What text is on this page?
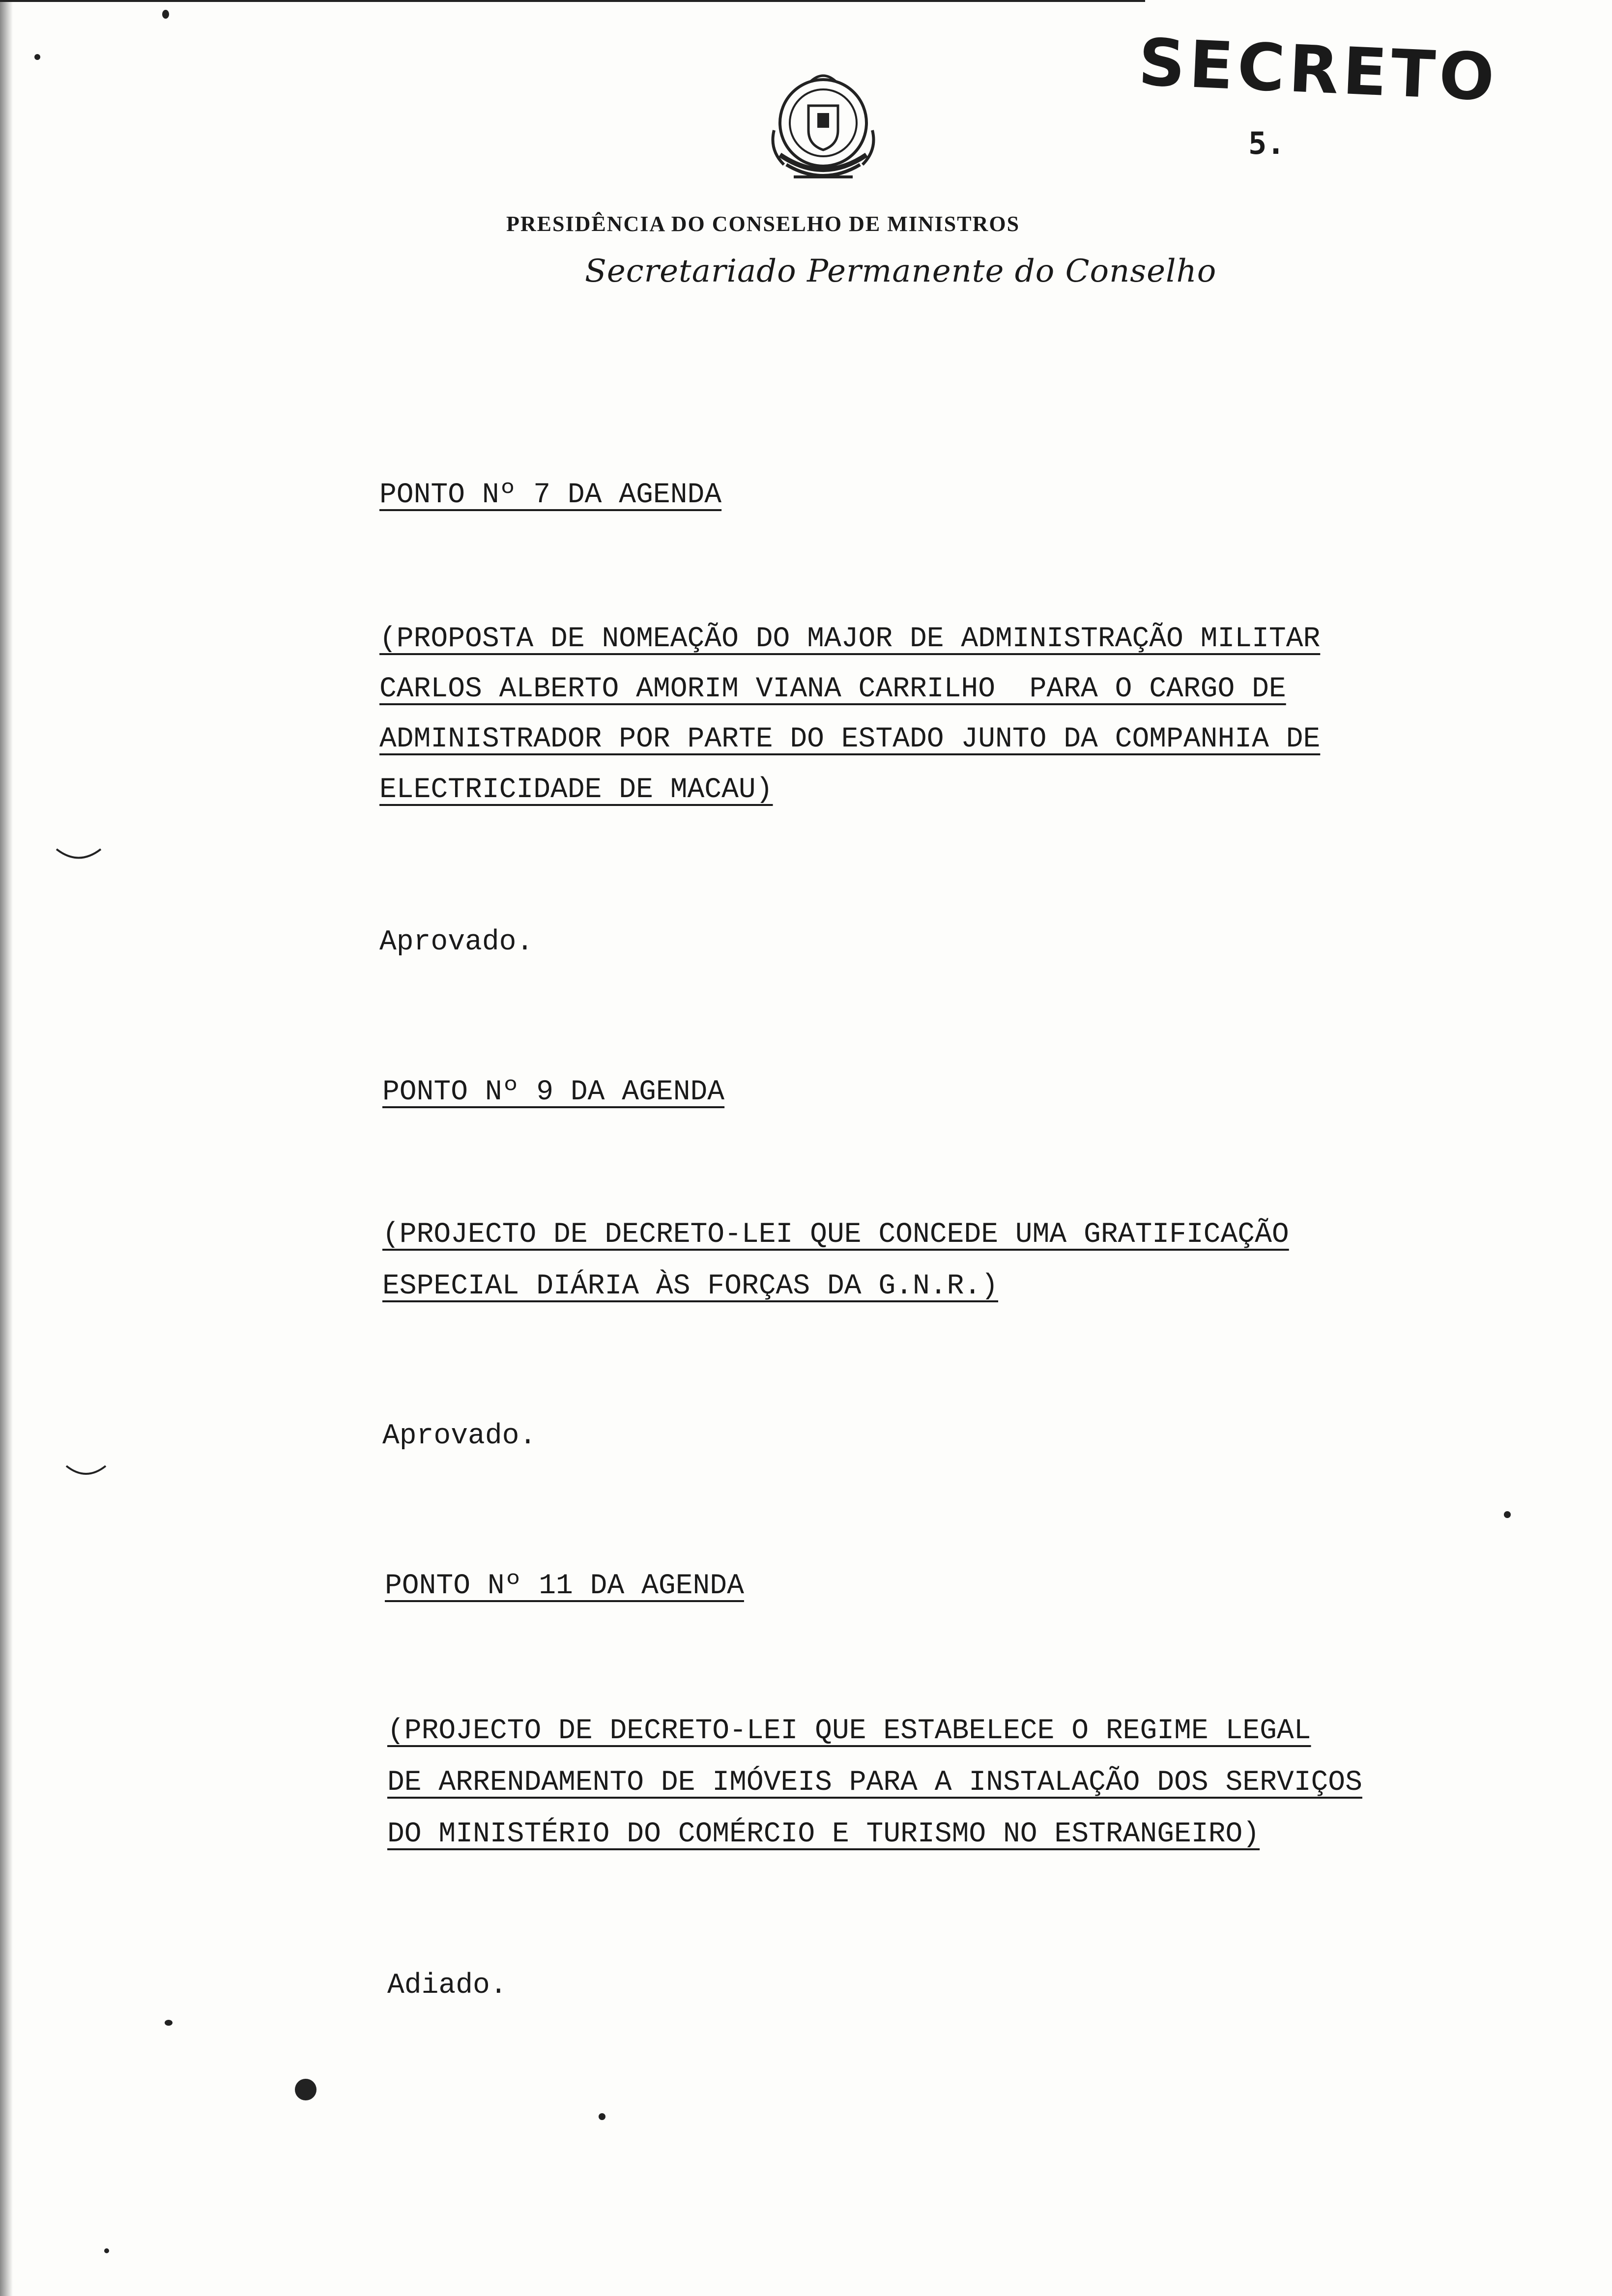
SECRETO
5.
PRESIDÊNCIA DO CONSELHO DE MINISTROS
Secretariado Permanente do Conselho
PONTO Nº 7 DA AGENDA
(PROPOSTA DE NOMEAÇÃO DO MAJOR DE ADMINISTRAÇÃO MILITAR
CARLOS ALBERTO AMORIM VIANA CARRILHO  PARA O CARGO DE
ADMINISTRADOR POR PARTE DO ESTADO JUNTO DA COMPANHIA DE
ELECTRICIDADE DE MACAU)
Aprovado.
PONTO Nº 9 DA AGENDA
(PROJECTO DE DECRETO-LEI QUE CONCEDE UMA GRATIFICAÇÃO
ESPECIAL DIÁRIA ÀS FORÇAS DA G.N.R.)
Aprovado.
PONTO Nº 11 DA AGENDA
(PROJECTO DE DECRETO-LEI QUE ESTABELECE O REGIME LEGAL
DE ARRENDAMENTO DE IMÓVEIS PARA A INSTALAÇÃO DOS SERVIÇOS
DO MINISTÉRIO DO COMÉRCIO E TURISMO NO ESTRANGEIRO)
Adiado.
